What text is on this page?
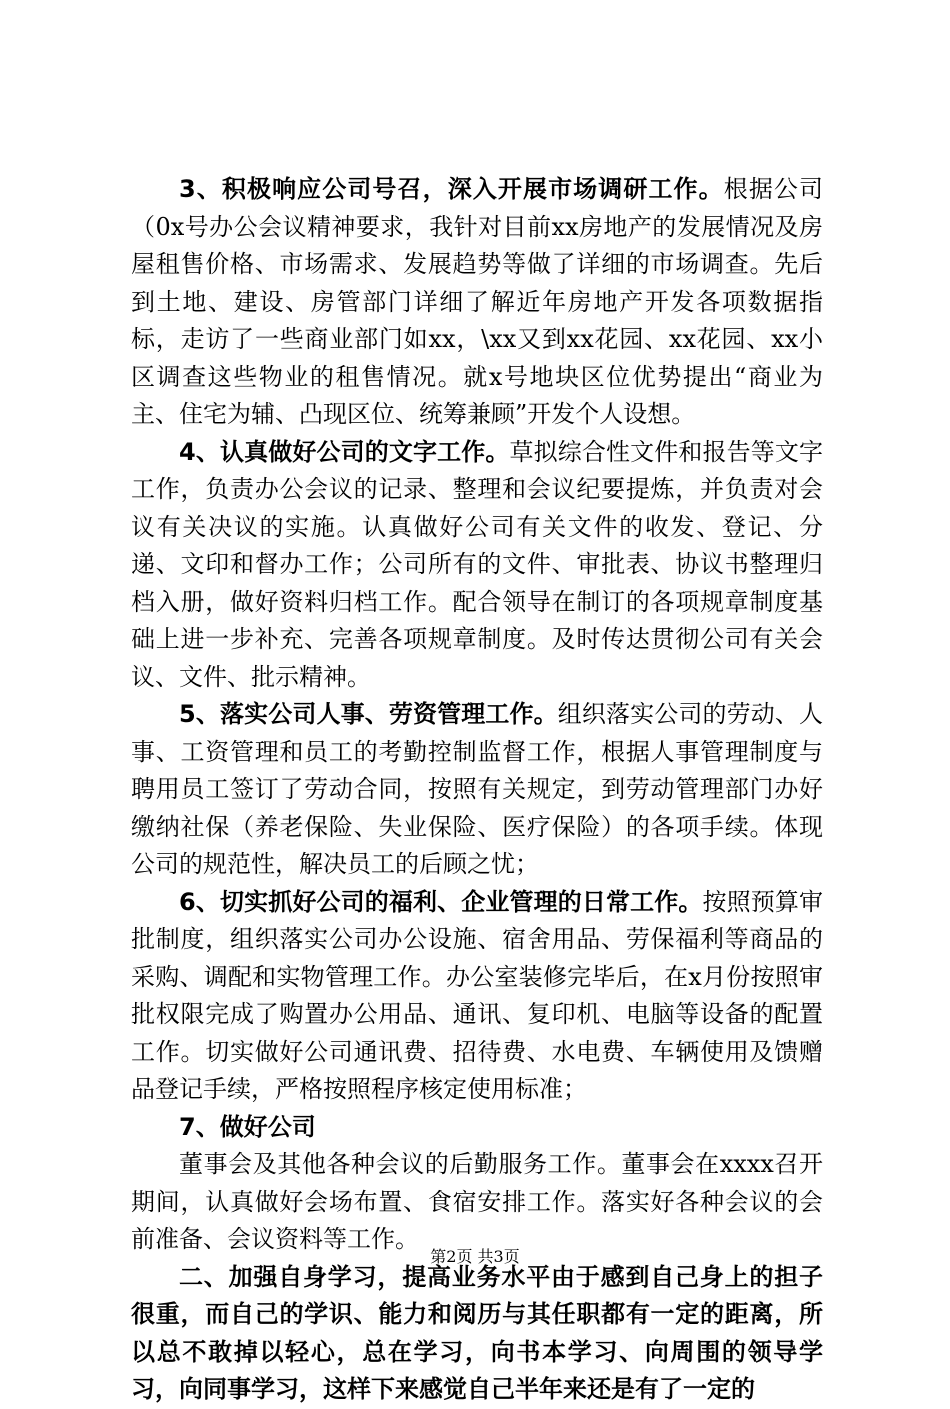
3、积极响应公司号召，深入开展市场调研工作。根据公司（0x号办公会议精神要求，我针对目前xx房地产的发展情况及房屋租售价格、市场需求、发展趋势等做了详细的市场调查。先后到土地、建设、房管部门详细了解近年房地产开发各项数据指标，走访了一些商业部门如xx，\xx又到xx花园、xx花园、xx小区调查这些物业的租售情况。就x号地块区位优势提出“商业为主、住宅为辅、凸现区位、统筹兼顾”开发个人设想。

4、认真做好公司的文字工作。草拟综合性文件和报告等文字工作，负责办公会议的记录、整理和会议纪要提炼，并负责对会议有关决议的实施。认真做好公司有关文件的收发、登记、分递、文印和督办工作；公司所有的文件、审批表、协议书整理归档入册，做好资料归档工作。配合领导在制订的各项规章制度基础上进一步补充、完善各项规章制度。及时传达贯彻公司有关会议、文件、批示精神。

5、落实公司人事、劳资管理工作。组织落实公司的劳动、人事、工资管理和员工的考勤控制监督工作，根据人事管理制度与聘用员工签订了劳动合同，按照有关规定，到劳动管理部门办好缴纳社保（养老保险、失业保险、医疗保险）的各项手续。体现公司的规范性，解决员工的后顾之忧；

6、切实抓好公司的福利、企业管理的日常工作。按照预算审批制度，组织落实公司办公设施、宿舍用品、劳保福利等商品的采购、调配和实物管理工作。办公室装修完毕后，在x月份按照审批权限完成了购置办公用品、通讯、复印机、电脑等设备的配置工作。切实做好公司通讯费、招待费、水电费、车辆使用及馈赠品登记手续，严格按照程序核定使用标准；

7、做好公司

董事会及其他各种会议的后勤服务工作。董事会在xxxx召开期间，认真做好会场布置、食宿安排工作。落实好各种会议的会前准备、会议资料等工作。

二、加强自身学习，提高业务水平由于感到自己身上的担子很重，而自己的学识、能力和阅历与其任职都有一定的距离，所以总不敢掉以轻心，总在学习，向书本学习、向周围的领导学习，向同事学习，这样下来感觉自己半年来还是有了一定的

第2页 共3页
